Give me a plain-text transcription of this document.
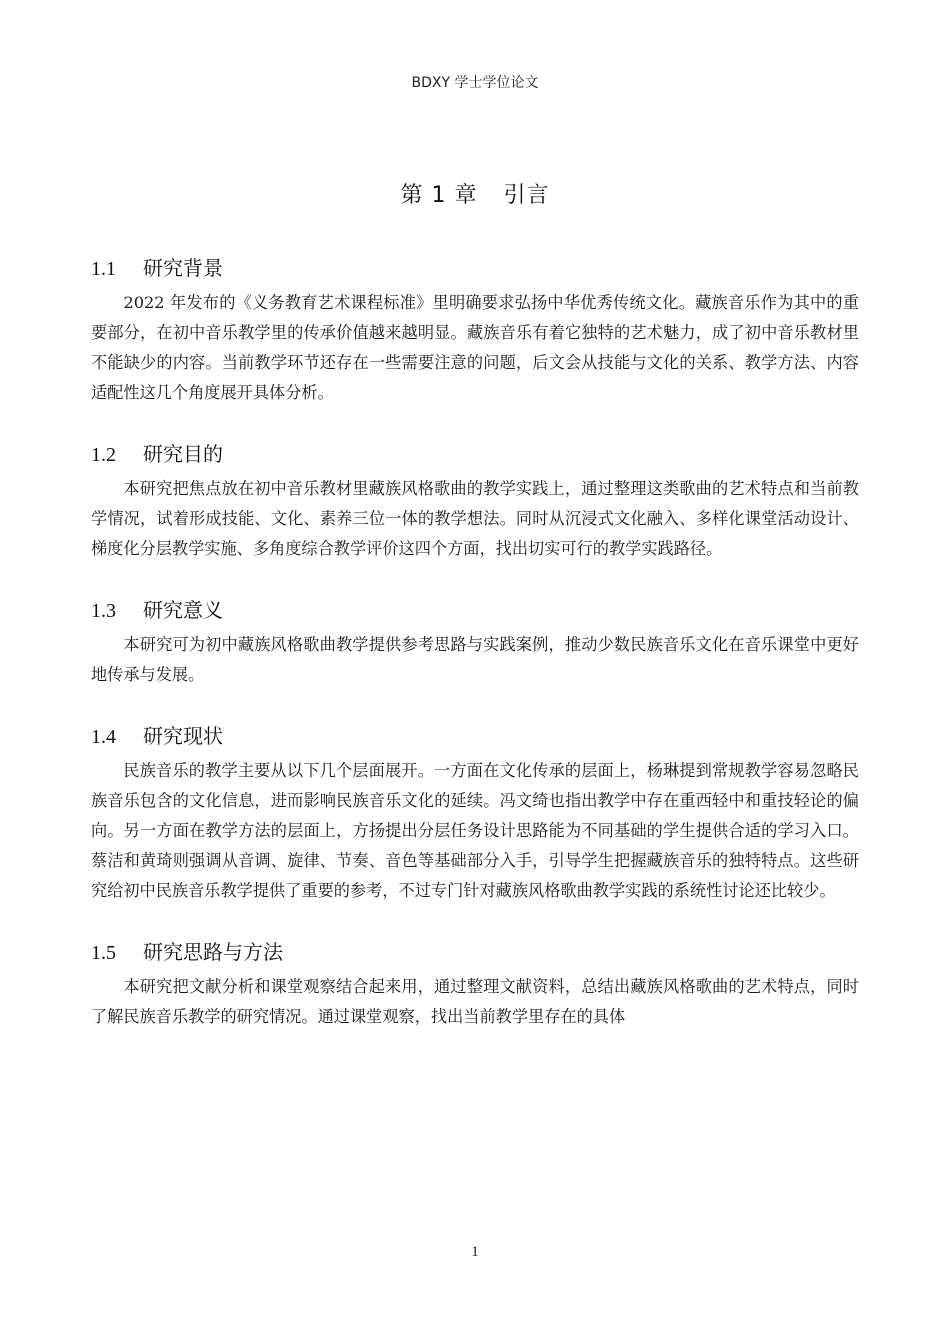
BDXY 学士学位论文
第 1 章 引言
1.1 研究背景

2022 年发布的《义务教育艺术课程标准》里明确要求弘扬中华优秀传统文化。藏族音乐作为其中的重要部分，在初中音乐教学里的传承价值越来越明显。藏族音乐有着它独特的艺术魅力，成了初中音乐教材里不能缺少的内容。当前教学环节还存在一些需要注意的问题，后文会从技能与文化的关系、教学方法、内容适配性这几个角度展开具体分析。

1.2 研究目的

本研究把焦点放在初中音乐教材里藏族风格歌曲的教学实践上，通过整理这类歌曲的艺术特点和当前教学情况，试着形成技能、文化、素养三位一体的教学想法。同时从沉浸式文化融入、多样化课堂活动设计、梯度化分层教学实施、多角度综合教学评价这四个方面，找出切实可行的教学实践路径。

1.3 研究意义

本研究可为初中藏族风格歌曲教学提供参考思路与实践案例，推动少数民族音乐文化在音乐课堂中更好地传承与发展。

1.4 研究现状

民族音乐的教学主要从以下几个层面展开。一方面在文化传承的层面上，杨琳提到常规教学容易忽略民族音乐包含的文化信息，进而影响民族音乐文化的延续。冯文绮也指出教学中存在重西轻中和重技轻论的偏向。另一方面在教学方法的层面上，方扬提出分层任务设计思路能为不同基础的学生提供合适的学习入口。蔡洁和黄琦则强调从音调、旋律、节奏、音色等基础部分入手，引导学生把握藏族音乐的独特特点。这些研究给初中民族音乐教学提供了重要的参考，不过专门针对藏族风格歌曲教学实践的系统性讨论还比较少。

1.5 研究思路与方法

本研究把文献分析和课堂观察结合起来用，通过整理文献资料，总结出藏族风格歌曲的艺术特点，同时了解民族音乐教学的研究情况。通过课堂观察，找出当前教学里存在的具体

1
